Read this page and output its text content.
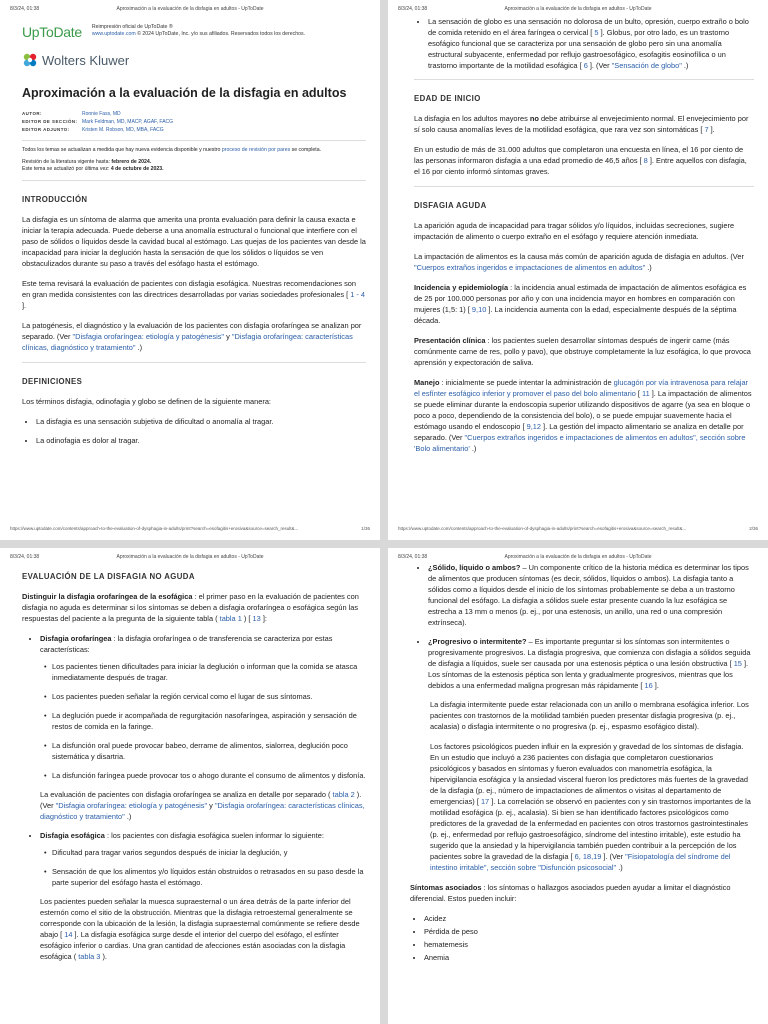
8/3/24, 01:38	Aproximación a la evaluación de la disfagia en adultos - UpToDate
UpToDate Reimpresión oficial de UpToDate ®
www.uptodate.com © 2024 UpToDate, Inc. y/o sus afiliados. Reservados todos los derechos.
Wolters Kluwer
Aproximación a la evaluación de la disfagia en adultos
AUTOR:	Ronnie Fass, MD
EDITOR DE SECCIÓN: Mark Feldman, MD, MACP, AGAF, FACG
EDITOR ADJUNTO: Kristen M. Robson, MD, MBA, FACG

Todos los temas se actualizan a medida que hay nueva evidencia disponible y nuestro proceso de revisión por pares se completa.

Revisión de la literatura vigente hasta: febrero de 2024.

Este tema se actualizó por última vez: 4 de octubre de 2023.

INTRODUCCIÓN

La disfagia es un síntoma de alarma que amerita una pronta evaluación para definir la causa exacta e iniciar la terapia adecuada. Puede deberse a una anomalía estructural o funcional que interfiere con el paso de sólidos o líquidos desde la cavidad bucal al estómago. Las quejas de los pacientes van desde la incapacidad para iniciar la deglución hasta la sensación de que los sólidos o líquidos se ven obstaculizados durante su paso a través del esófago hasta el estómago.

Este tema revisará la evaluación de pacientes con disfagia esofágica. Nuestras recomendaciones son en gran medida consistentes con las directrices desarrolladas por varias sociedades profesionales [ 1 - 4 ].

La patogénesis, el diagnóstico y la evaluación de los pacientes con disfagia orofaríngea se analizan por separado. (Ver "Disfagia orofaríngea: etiología y patogénesis" y "Disfagia orofaríngea: características clínicas, diagnóstico y tratamiento" .)

DEFINICIONES

Los términos disfagia, odinofagia y globo se definen de la siguiente manera:

• La disfagia es una sensación subjetiva de dificultad o anomalía al tragar.
• La odinofagia es dolor al tragar.
https://www.uptodate.com/contents/approach-to-the-evaluation-of-dysphagia-in-adults/print?search=esofagitis+erosiva&source=search_result&...	1/36
8/3/24, 01:38	Aproximación a la evaluación de la disfagia en adultos - UpToDate
• La sensación de globo es una sensación no dolorosa de un bulto, opresión, cuerpo extraño o bolo de comida retenido en el área faríngea o cervical [ 5 ]. Globus, por otro lado, es un trastorno esofágico funcional que se caracteriza por una sensación de globo pero sin una anomalía estructural subyacente, enfermedad por reflujo gastroesofágico, esofagitis eosinofílica o un trastorno importante de la motilidad esofágica [ 6 ]. (Ver "Sensación de globo" .)
EDAD DE INICIO

La disfagia en los adultos mayores no debe atribuirse al envejecimiento normal. El envejecimiento por sí solo causa anomalías leves de la motilidad esofágica, que rara vez son sintomáticas [ 7 ].

En un estudio de más de 31.000 adultos que completaron una encuesta en línea, el 16 por ciento de las personas informaron disfagia a una edad promedio de 46,5 años [ 8 ]. Entre aquellos con disfagia, el 16 por ciento informó síntomas graves.

DISFAGIA AGUDA

La aparición aguda de incapacidad para tragar sólidos y/o líquidos, incluidas secreciones, sugiere impactación de alimento o cuerpo extraño en el esófago y requiere atención inmediata.

La impactación de alimentos es la causa más común de aparición aguda de disfagia en adultos. (Ver "Cuerpos extraños ingeridos e impactaciones de alimentos en adultos" .)

Incidencia y epidemiología : la incidencia anual estimada de impactación de alimentos esofágica es de 25 por 100.000 personas por año y con una incidencia mayor en hombres en comparación con mujeres (1,5: 1) [ 9,10 ]. La incidencia aumenta con la edad, especialmente después de la séptima década.

Presentación clínica : los pacientes suelen desarrollar síntomas después de ingerir carne (más comúnmente carne de res, pollo y pavo), que obstruye completamente la luz esofágica, lo que provoca aprensión y expectoración de saliva.

Manejo : inicialmente se puede intentar la administración de glucagón por vía intravenosa para relajar el esfínter esofágico inferior y promover el paso del bolo alimentario [ 11 ]. La impactación de alimentos se puede eliminar durante la endoscopia superior utilizando dispositivos de agarre (ya sea en bloque o poco a poco, dependiendo de la consistencia del bolo), o se puede empujar suavemente hacia el estómago usando el endoscopio [ 9,12 ]. La gestión del impacto alimentario se analiza en detalle por separado. (Ver "Cuerpos extraños ingeridos e impactaciones de alimentos en adultos", sección sobre 'Bolo alimentario' .)

https://www.uptodate.com/contents/approach-to-the-evaluation-of-dysphagia-in-adults/print?search=esofagitis+erosiva&source=search_result&...	2/36
8/3/24, 01:38	Aproximación a la evaluación de la disfagia en adultos - UpToDate
EVALUACIÓN DE LA DISFAGIA NO AGUDA

Distinguir la disfagia orofaríngea de la esofágica : el primer paso en la evaluación de pacientes con disfagia no aguda es determinar si los síntomas se deben a disfagia orofaríngea o esofágica según las respuestas del paciente a la pregunta de la siguiente tabla ( tabla 1 ) [ 13 ]:

• Disfagia orofaríngea : la disfagia orofaríngea o de transferencia se caracteriza por estas características:
• Los pacientes tienen dificultades para iniciar la deglución o informan que la comida se atasca inmediatamente después de tragar.
• Los pacientes pueden señalar la región cervical como el lugar de sus síntomas.
• La deglución puede ir acompañada de regurgitación nasofaríngea, aspiración y sensación de restos de comida en la faringe.
• La disfunción oral puede provocar babeo, derrame de alimentos, sialorrea, deglución poco sistemática y disartria.
• La disfunción faríngea puede provocar tos o ahogo durante el consumo de alimentos y disfonía.
La evaluación de pacientes con disfagia orofaríngea se analiza en detalle por separado ( tabla 2 ). (Ver "Disfagia orofaríngea: etiología y patogénesis" y "Disfagia orofaríngea: características clínicas, diagnóstico y tratamiento" .)
• Disfagia esofágica : los pacientes con disfagia esofágica suelen informar lo siguiente:
• Dificultad para tragar varios segundos después de iniciar la deglución, y
• Sensación de que los alimentos y/o líquidos están obstruidos o retrasados en su paso desde la parte superior del esófago hasta el estómago.
Los pacientes pueden señalar la muesca supraesternal o un área detrás de la parte inferior del esternón como el sitio de la obstrucción. Mientras que la disfagia retroesternal generalmente se corresponde con la ubicación de la lesión, la disfagia supraesternal comúnmente se refiere desde abajo [ 14 ]. La disfagia esofágica surge desde el interior del cuerpo del esófago, el esfínter esofágico inferior o cardias. Una gran cantidad de afecciones están asociadas con la disfagia esofágica ( tabla 3 ).
8/3/24, 01:38	Aproximación a la evaluación de la disfagia en adultos - UpToDate
• ¿Sólido, líquido o ambos? – Un componente crítico de la historia médica es determinar los tipos de alimentos que producen síntomas (es decir, sólidos, líquidos o ambos). La disfagia tanto a sólidos como a líquidos desde el inicio de los síntomas probablemente se deba a un trastorno funcional del esófago. La disfagia a sólidos suele estar presente cuando la luz esofágica se estrecha a 13 mm o menos (p. ej., por una estenosis, un anillo, una red o una compresión extrínseca).
• ¿Progresivo o intermitente? – Es importante preguntar si los síntomas son intermitentes o progresivamente progresivos. La disfagia progresiva, que comienza con disfagia a sólidos seguida de disfagia a líquidos, suele ser causada por una estenosis péptica o una lesión obstructiva [ 15 ]. Los síntomas de la estenosis péptica son lenta y gradualmente progresivos, mientras que los debidos a una enfermedad maligna progresan más rápidamente [ 16 ].

La disfagia intermitente puede estar relacionada con un anillo o membrana esofágica inferior. Los pacientes con trastornos de la motilidad también pueden presentar disfagia progresiva (p. ej., acalasia) o disfagia intermitente o no progresiva (p. ej., espasmo esofágico distal).

Los factores psicológicos pueden influir en la expresión y gravedad de los síntomas de disfagia. En un estudio que incluyó a 236 pacientes con disfagia que completaron cuestionarios psicológicos y basados en síntomas y fueron evaluados con manometría esofágica, la hipervigilancia esofágica y la ansiedad visceral fueron los predictores más fuertes de la gravedad de la disfagia (p. ej., número de impactaciones de alimentos o visitas al departamento de emergencias) [ 17 ]. La correlación se observó en pacientes con y sin trastornos importantes de la motilidad esofágica (p. ej., acalasia). Si bien se han identificado factores psicológicos como predictores de la gravedad de la enfermedad en pacientes con otros trastornos gastrointestinales (p. ej., enfermedad por reflujo gastroesofágico, síndrome del intestino irritable), este estudio ha sugerido que la ansiedad y la hipervigilancia también pueden contribuir a la percepción de los pacientes sobre la gravedad de la disfagia [ 6, 18,19 ]. (Ver "Fisiopatología del síndrome del intestino irritable", sección sobre "Disfunción psicosocial" .)

Síntomas asociados : los síntomas o hallazgos asociados pueden ayudar a limitar el diagnóstico diferencial. Estos pueden incluir:

• Acidez
• Pérdida de peso
• hematemesis
• Anemia
